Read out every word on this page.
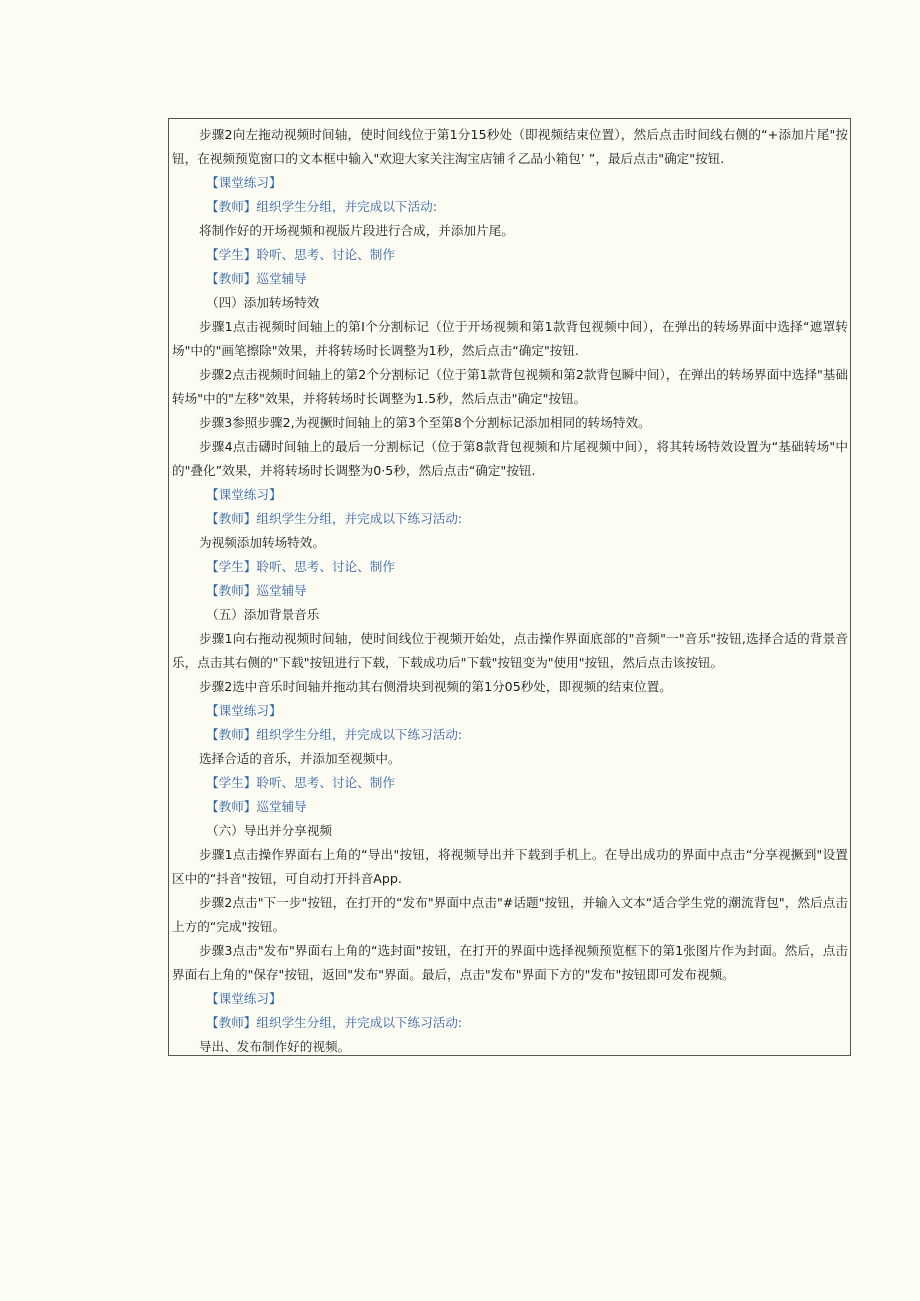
步骤2向左拖动视频时间轴，使时间线位于第1分15秒处（即视频结束位置），然后点击时间线右侧的“+添加片尾"按钮，在视频预览窗口的文本框中输入"欢迎大家关注淘宝店铺彳乙品小箱包’ ”，最后点击"确定"按钮.
【课堂练习】
【教师】组织学生分组，并完成以下活动:
将制作好的开场视频和视版片段进行合成，并添加片尾。
【学生】聆听、思考、讨论、制作
【教师】巡堂辅导
（四）添加转场特效
步骤1点击视频时间轴上的第I个分割标记（位于开场视频和第1款背包视频中间），在弹出的转场界面中选择“遮罩转场"中的"画笔擦除"效果，并将转场时长调整为1秒，然后点击“确定"按钮.
步骤2点击视频时间轴上的第2个分割标记（位于第1款背包视频和第2款背包瞬中间），在弹出的转场界面中选择"基础转场"中的"左移"效果，并将转场时长调整为1.5秒，然后点击"确定"按钮。
步骤3参照步骤2,为视撅时间轴上的第3个至第8个分割标记添加相同的转场特效。
步骤4点击礴时间轴上的最后一分割标记（位于第8款背包视频和片尾视频中间），将其转场特效设置为“基础转场"中的"叠化”效果，并将转场时长调整为0·5秒，然后点击“确定"按钮.
【课堂练习】
【教师】组织学生分组，并完成以下练习活动:
为视频添加转场特效。
【学生】聆听、思考、讨论、制作
【教师】巡堂辅导
（五）添加背景音乐
步骤1向右拖动视频时间轴，使时间线位于视频开始处，点击操作界面底部的"音频"一"音乐"按钮,选择合适的背景音乐，点击其右侧的"下载"按钮进行下载，下载成功后"下载"按钮变为"使用"按钮，然后点击该按钮。
步骤2选中音乐时间轴并拖动其右侧滑块到视频的第1分05秒处，即视频的结束位置。
【课堂练习】
【教师】组织学生分组，并完成以下练习活动:
选择合适的音乐，并添加至视频中。
【学生】聆听、思考、讨论、制作
【教师】巡堂辅导
（六）导出并分享视频
步骤1点击操作界面右上角的“导出"按钮，将视频导出并下载到手机上。在导出成功的界面中点击“分享视撅到"设置区中的“抖音"按钮，可自动打开抖音App.
步骤2点击"下一步"按钮，在打开的“发布"界面中点击"#话题"按钮，并输入文本“适合学生党的潮流背包"，然后点击上方的“完成"按钮。
步骤3点击"发布"界面右上角的“选封面"按钮，在打开的界面中选择视频预览框下的第1张图片作为封面。然后，点击界面右上角的"保存"按钮，返回"发布"界面。最后，点击"发布"界面下方的"发布"按钮即可发布视频。
【课堂练习】
【教师】组织学生分组，并完成以下练习活动:
导出、发布制作好的视频。
